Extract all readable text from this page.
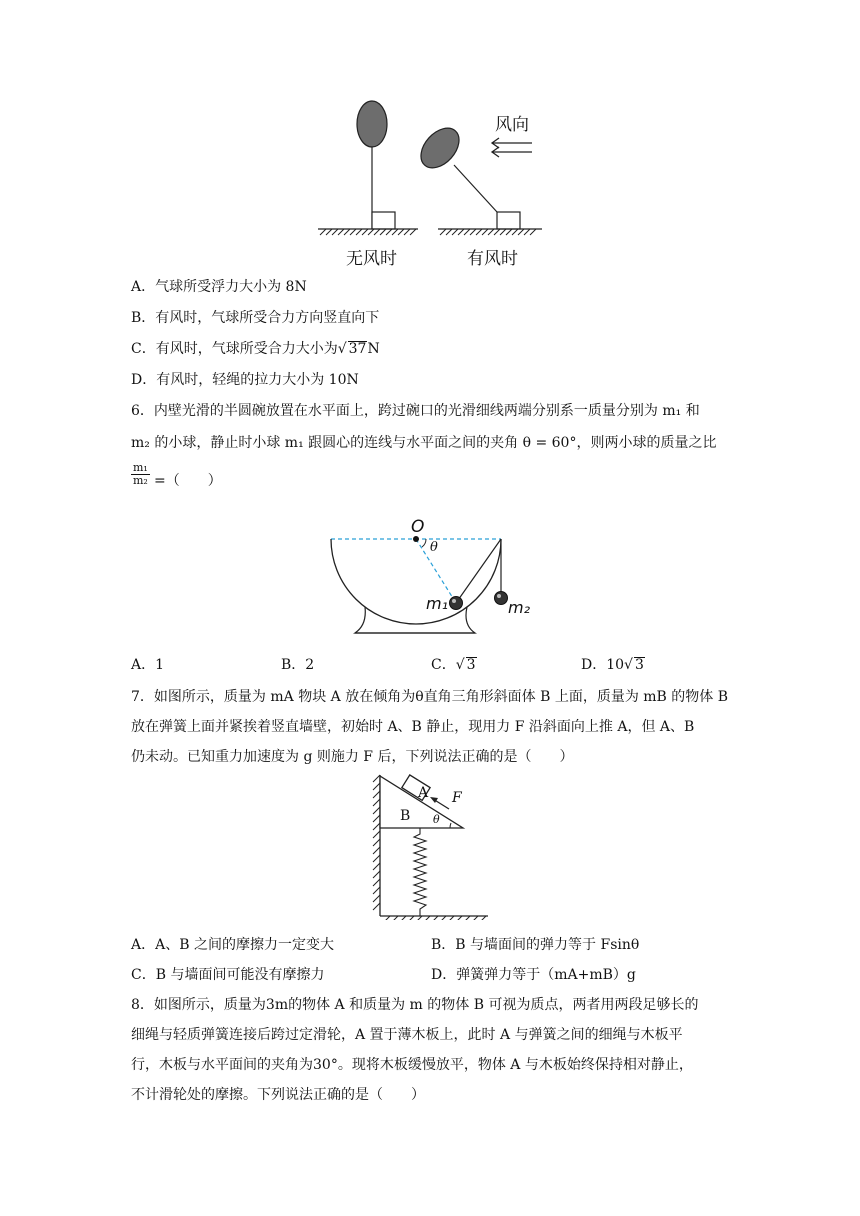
风向
无风时	有风时
A．气球所受浮力大小为 8N
B．有风时，气球所受合力方向竖直向下
C．有风时，气球所受合力大小为√ 37N
D．有风时，轻绳的拉力大小为 10N
6．内壁光滑的半圆碗放置在水平面上，跨过碗口的光滑细线两端分别系一质量分别为 m₁ 和
m₂ 的小球，静止时小球 m₁ 跟圆心的连线与水平面之间的夹角 θ = 60°，则两小球的质量之比
$\frac{\text{m₁}}{\text{m₂}}$ =（　　）
O
θ
m₁	m₂
A．1	B．2	C．√ 3	D．10√ 3
7．如图所示，质量为 mA 物块 A 放在倾角为θ直角三角形斜面体 B 上面，质量为 mB 的物体 B
放在弹簧上面并紧挨着竖直墙壁，初始时 A、B 静止，现用力 F 沿斜面向上推 A，但 A、B
仍未动。已知重力加速度为 g 则施力 F 后，下列说法正确的是（　　）
A
B
F
θ
A．A、B 之间的摩擦力一定变大	B．B 与墙面间的弹力等于 Fsinθ
C．B 与墙面间可能没有摩擦力	D．弹簧弹力等于（mA+mB）g
8．如图所示，质量为3m的物体 A 和质量为 m 的物体 B 可视为质点，两者用两段足够长的
细绳与轻质弹簧连接后跨过定滑轮，A 置于薄木板上，此时 A 与弹簧之间的细绳与木板平
行，木板与水平面间的夹角为30°。现将木板缓慢放平，物体 A 与木板始终保持相对静止，
不计滑轮处的摩擦。下列说法正确的是（　　）
